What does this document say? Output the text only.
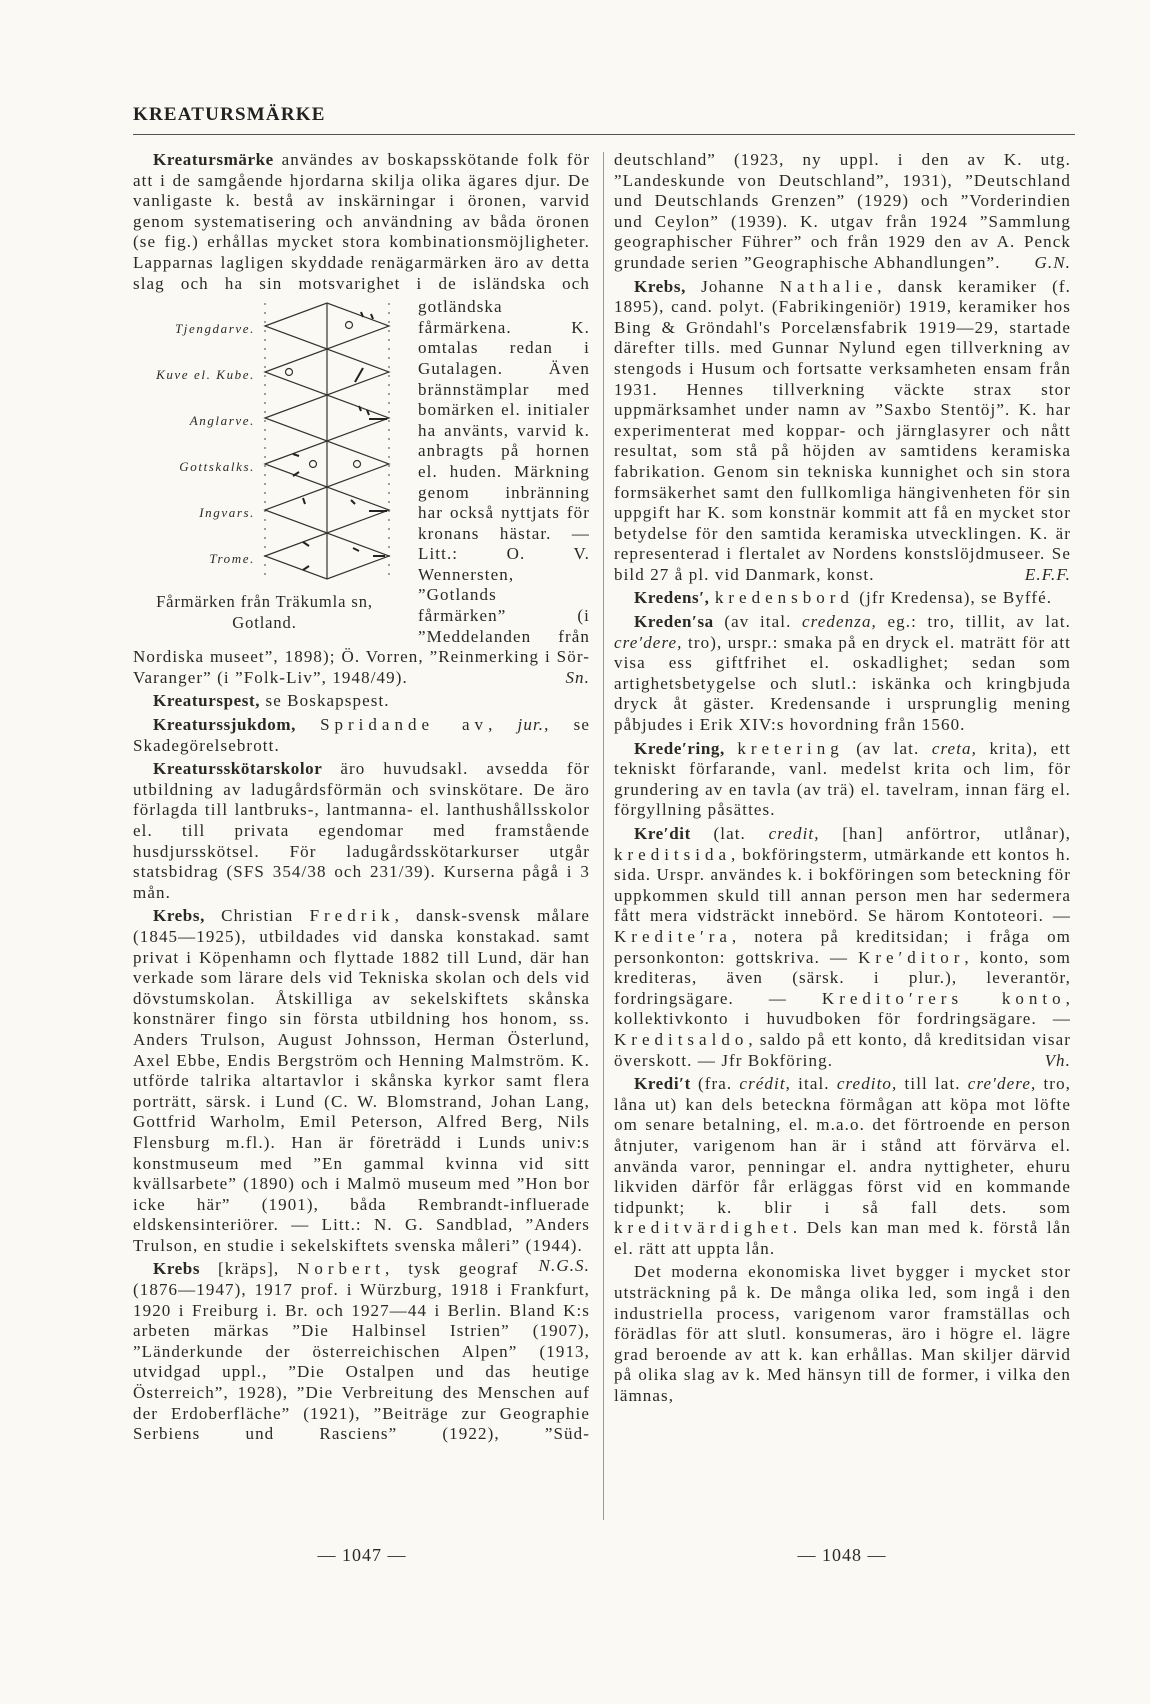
KREATURSMÄRKE

Kreatursmärke användes av boskapsskötande folk för att i de samgående hjordarna skilja olika ägares djur. De vanligaste k. bestå av inskärningar i öronen, varvid genom systematisering och användning av båda öronen (se fig.) erhållas mycket stora kombinationsmöjligheter. Lapparnas lagligen skyddade renägarmärken äro av detta slag och ha sin motsvarighet i de isländska och

Tjengdarve.
Kuve el. Kube.
Anglarve.
Gottskalks.
Ingvars.
Trome.
Fårmärken från Träkumla sn, Gotland.

gotländska fårmärkena. K. omtalas redan i Gutalagen. Även brännstämplar med bomärken el. initialer ha använts, varvid k. anbragts på hornen el. huden. Märkning genom inbränning har också nyttjats för kronans hästar. — Litt.: O. V. Wennersten, ”Gotlands fårmärken” (i ”Meddelanden från Nordiska museet”, 1898); Ö. Vorren, ”Reinmerking i Sör-Varanger” (i ”Folk-Liv”, 1948/49).	Sn.

Kreaturspest, se Boskapspest.

Kreaturssjukdom, Spridande av, jur., se Skadegörelsebrott.

Kreatursskötarskolor äro huvudsakl. avsedda för utbildning av ladugårdsförmän och svinskötare. De äro förlagda till lantbruks-, lantmanna- el. lanthushållsskolor el. till privata egendomar med framstående husdjursskötsel. För ladugårdsskötarkurser utgår statsbidrag (SFS 354/38 och 231/39). Kurserna pågå i 3 mån.

Krebs, Christian Fredrik, dansk-svensk målare (1845—1925), utbildades vid danska konstakad. samt privat i Köpenhamn och flyttade 1882 till Lund, där han verkade som lärare dels vid Tekniska skolan och dels vid dövstumskolan. Åtskilliga av sekelskiftets skånska konstnärer fingo sin första utbildning hos honom, ss. Anders Trulson, August Johnsson, Herman Österlund, Axel Ebbe, Endis Bergström och Henning Malmström. K. utförde talrika altartavlor i skånska kyrkor samt flera porträtt, särsk. i Lund (C. W. Blomstrand, Johan Lang, Gottfrid Warholm, Emil Peterson, Alfred Berg, Nils Flensburg m.fl.). Han är företrädd i Lunds univ:s konstmuseum med ”En gammal kvinna vid sitt kvällsarbete” (1890) och i Malmö museum med ”Hon bor icke här” (1901), båda Rembrandt-influerade eldskensinteriörer. — Litt.: N. G. Sandblad, ”Anders Trulson, en studie i sekelskiftets svenska måleri” (1944).
N.G.S.

Krebs [kräps], Norbert, tysk geograf (1876—1947), 1917 prof. i Würzburg, 1918 i Frankfurt, 1920 i Freiburg i. Br. och 1927—44 i Berlin. Bland K:s arbeten märkas ”Die Halbinsel Istrien” (1907), ”Länderkunde der österreichischen Alpen” (1913, utvidgad uppl., ”Die Ostalpen und das heutige Österreich”, 1928), ”Die Verbreitung des Menschen auf der Erdoberfläche” (1921), ”Beiträge zur Geographie Serbiens und Rasciens” (1922), ”Süd-

deutschland” (1923, ny uppl. i den av K. utg. ”Landeskunde von Deutschland”, 1931), ”Deutschland und Deutschlands Grenzen” (1929) och ”Vorderindien und Ceylon” (1939). K. utgav från 1924 ”Sammlung geographischer Führer” och från 1929 den av A. Penck grundade serien ”Geographische Abhandlungen”. G.N.

Krebs, Johanne Nathalie, dansk keramiker (f. 1895), cand. polyt. (Fabrikingeniör) 1919, keramiker hos Bing & Gröndahl's Porcelænsfabrik 1919—29, startade därefter tills. med Gunnar Nylund egen tillverkning av stengods i Husum och fortsatte verksamheten ensam från 1931. Hennes tillverkning väckte strax stor uppmärksamhet under namn av ”Saxbo Stentöj”. K. har experimenterat med koppar- och järnglasyrer och nått resultat, som stå på höjden av samtidens keramiska fabrikation. Genom sin tekniska kunnighet och sin stora formsäkerhet samt den fullkomliga hängivenheten för sin uppgift har K. som konstnär kommit att få en mycket stor betydelse för den samtida keramiska utvecklingen. K. är representerad i flertalet av Nordens konstslöjdmuseer. Se bild 27 å pl. vid Danmark, konst.	E.F.F.

Kredens′, kredensbord (jfr Kredensa), se Byffé.

Kreden′sa (av ital. credenza, eg.: tro, tillit, av lat. cre′dere, tro), urspr.: smaka på en dryck el. maträtt för att visa ess giftfrihet el. oskadlighet; sedan som artighetsbetygelse och slutl.: iskänka och kringbjuda dryck åt gäster. Kredensande i ursprunglig mening påbjudes i Erik XIV:s hovordning från 1560.

Krede′ring, kretering (av lat. creta, krita), ett tekniskt förfarande, vanl. medelst krita och lim, för grundering av en tavla (av trä) el. tavelram, innan färg el. förgyllning påsättes.

Kre′dit (lat. credit, [han] anförtror, utlånar), kreditsida, bokföringsterm, utmärkande ett kontos h. sida. Urspr. användes k. i bokföringen som beteckning för uppkommen skuld till annan person men har sedermera fått mera vidsträckt innebörd. Se härom Kontoteori. — Kredite′ra, notera på kreditsidan; i fråga om personkonton: gottskriva. — Kre′ditor, konto, som krediteras, även (särsk. i plur.), leverantör, fordringsägare. — Kredito′rers konto, kollektivkonto i huvudboken för fordringsägare. — Kreditsaldo, saldo på ett konto, då kreditsidan visar överskott. — Jfr Bokföring.	Vh.

Kredi′t (fra. crédit, ital. credito, till lat. cre′dere, tro, låna ut) kan dels beteckna förmågan att köpa mot löfte om senare betalning, el. m.a.o. det förtroende en person åtnjuter, varigenom han är i stånd att förvärva el. använda varor, penningar el. andra nyttigheter, ehuru likviden därför får erläggas först vid en kommande tidpunkt; k. blir i så fall dets. som kreditvärdighet. Dels kan man med k. förstå lån el. rätt att uppta lån.

Det moderna ekonomiska livet bygger i mycket stor utsträckning på k. De många olika led, som ingå i den industriella process, varigenom varor framställas och förädlas för att slutl. konsumeras, äro i högre el. lägre grad beroende av att k. kan erhållas. Man skiljer därvid på olika slag av k. Med hänsyn till de former, i vilka den lämnas,

— 1047 —	— 1048 —
